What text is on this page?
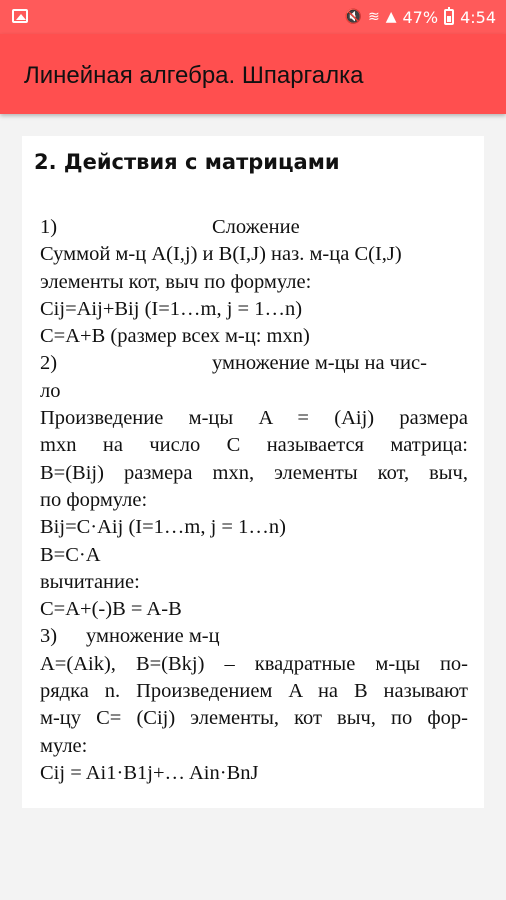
🔇 ≋ ▲ 47% 4:54
Линейная алгебра. Шпаргалка
2. Действия с матрицами
1)	Сложение
Суммой м-ц A(I,j) и B(I,J) наз. м-ца C(I,J)
элементы кот, выч по формуле:
Cij=Aij+Bij (I=1…m, j = 1…n)
C=A+B (размер всех м-ц: mxn)
2)	умножение м-цы на чис-
ло
Произведение м-цы A = (Aij) размера
mxn на число C называется матрица:
B=(Bij) размера mxn, элементы кот, выч,
по формуле:
Bij=C·Aij (I=1…m, j = 1…n)
B=C·A
вычитание:
C=A+(-)B = A-B
3) умножение м-ц
A=(Aik), B=(Bkj) – квадратные м-цы по-
рядка n. Произведением A на B называют
м-цу C= (Cij) элементы, кот выч, по фор-
муле:
Cij = Ai1·B1j+… Ain·BnJ
